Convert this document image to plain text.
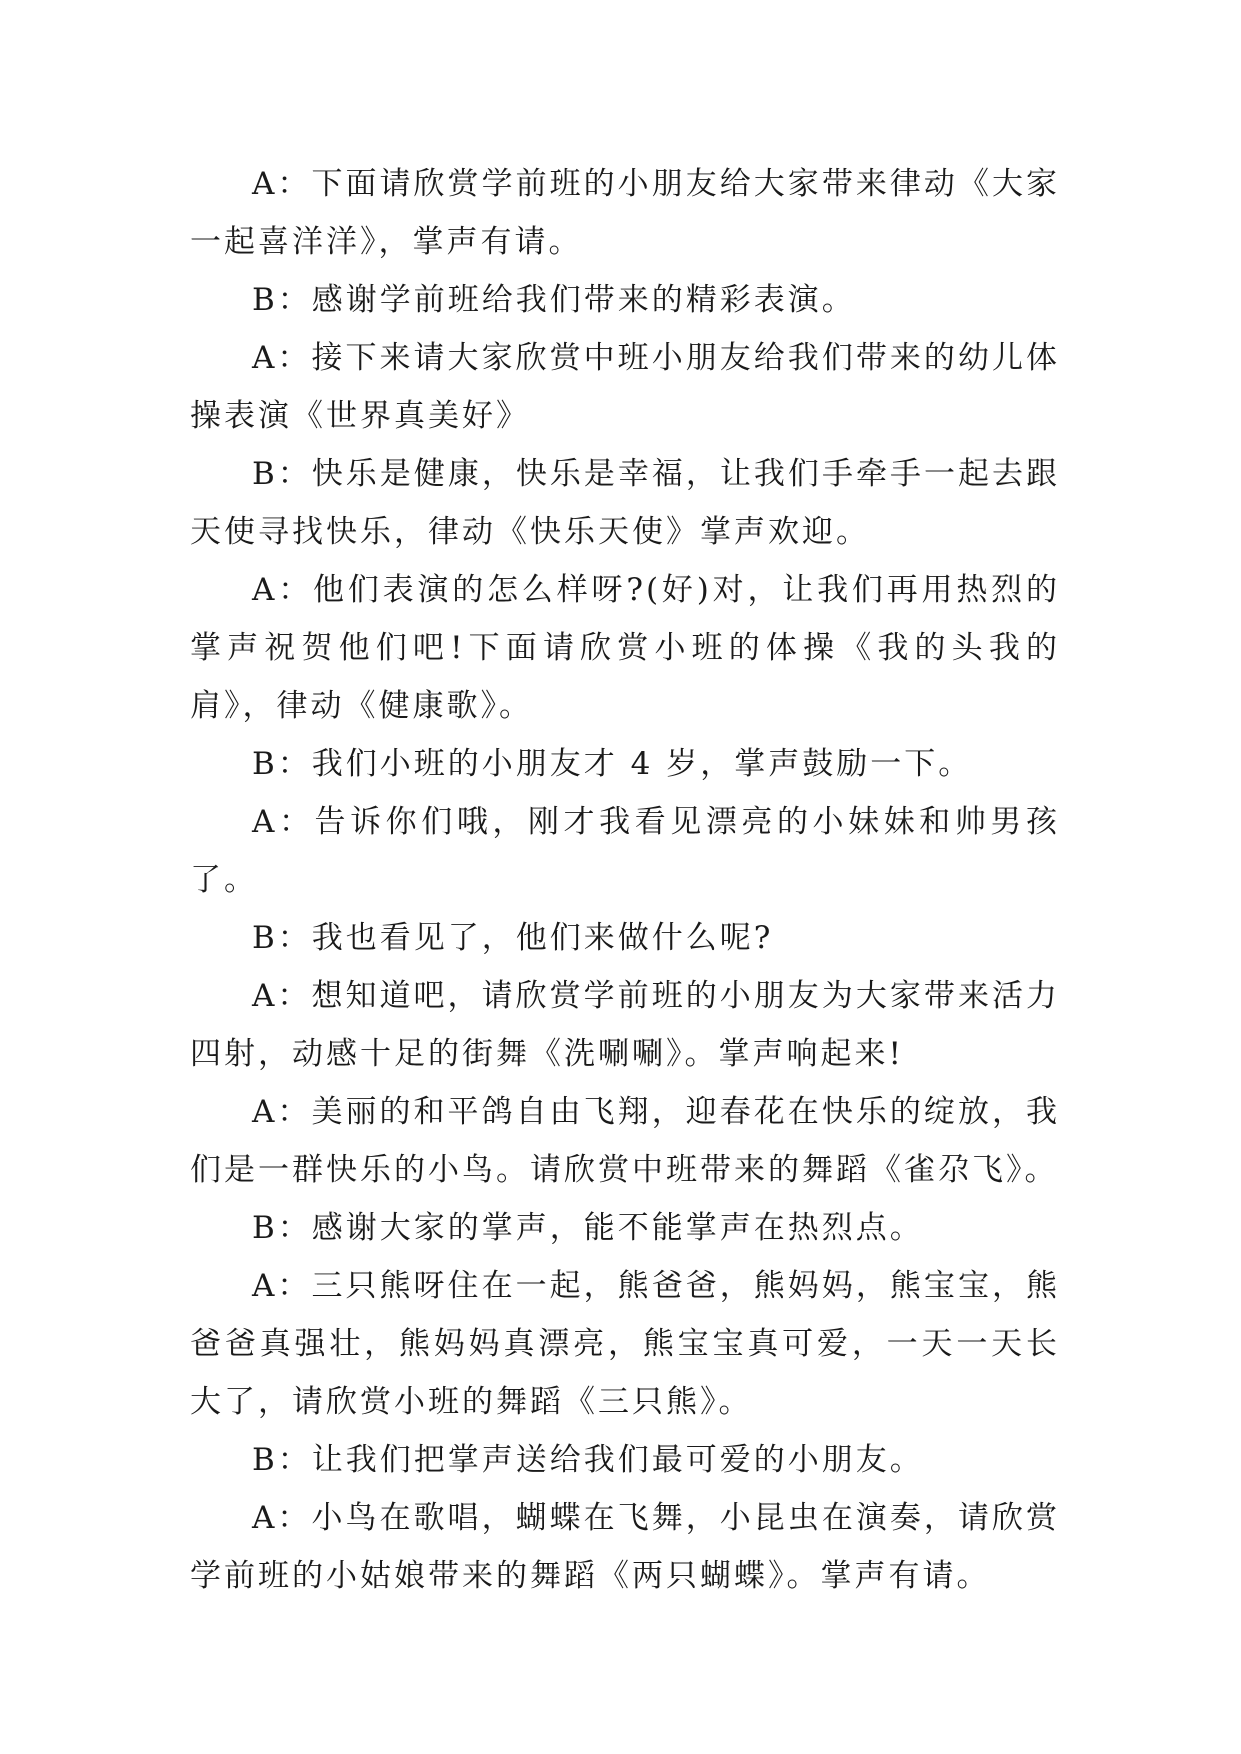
A：下面请欣赏学前班的小朋友给大家带来律动《大家一起喜洋洋》，掌声有请。

B：感谢学前班给我们带来的精彩表演。

A：接下来请大家欣赏中班小朋友给我们带来的幼儿体操表演《世界真美好》

B：快乐是健康，快乐是幸福，让我们手牵手一起去跟天使寻找快乐，律动《快乐天使》掌声欢迎。

A：他们表演的怎么样呀?(好)对，让我们再用热烈的掌声祝贺他们吧!下面请欣赏小班的体操《我的头我的肩》，律动《健康歌》。

B：我们小班的小朋友才 4 岁，掌声鼓励一下。

A：告诉你们哦，刚才我看见漂亮的小妹妹和帅男孩了。

B：我也看见了，他们来做什么呢?

A：想知道吧，请欣赏学前班的小朋友为大家带来活力四射，动感十足的街舞《洗唰唰》。掌声响起来!

A：美丽的和平鸽自由飞翔，迎春花在快乐的绽放，我们是一群快乐的小鸟。请欣赏中班带来的舞蹈《雀尕飞》。

B：感谢大家的掌声，能不能掌声在热烈点。

A：三只熊呀住在一起，熊爸爸，熊妈妈，熊宝宝，熊爸爸真强壮，熊妈妈真漂亮，熊宝宝真可爱，一天一天长大了，请欣赏小班的舞蹈《三只熊》。

B：让我们把掌声送给我们最可爱的小朋友。

A：小鸟在歌唱，蝴蝶在飞舞，小昆虫在演奏，请欣赏学前班的小姑娘带来的舞蹈《两只蝴蝶》。掌声有请。
